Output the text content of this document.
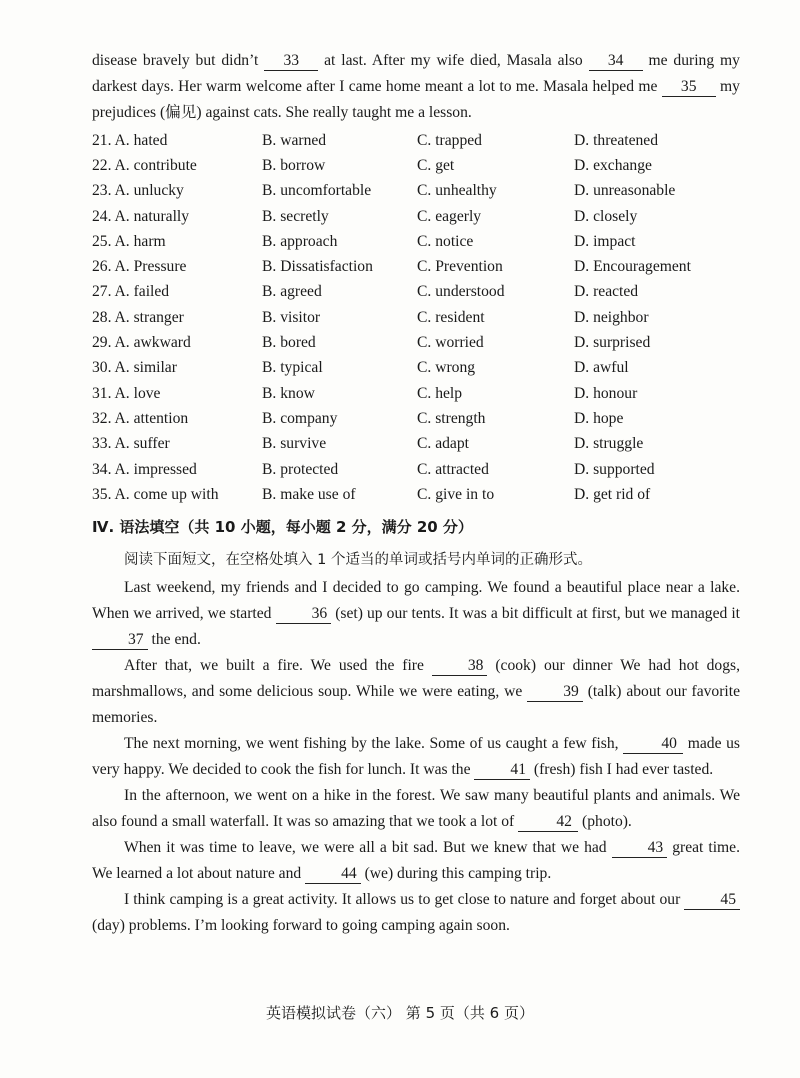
disease bravely but didn’t 33 at last. After my wife died, Masala also 34 me during my darkest days. Her warm welcome after I came home meant a lot to me. Masala helped me 35 my prejudices (偏见) against cats. She really taught me a lesson.

21. A. hated	B. warned	C. trapped	D. threatened
22. A. contribute	B. borrow	C. get	D. exchange
23. A. unlucky	B. uncomfortable	C. unhealthy	D. unreasonable
24. A. naturally	B. secretly	C. eagerly	D. closely
25. A. harm	B. approach	C. notice	D. impact
26. A. Pressure	B. Dissatisfaction	C. Prevention	D. Encouragement
27. A. failed	B. agreed	C. understood	D. reacted
28. A. stranger	B. visitor	C. resident	D. neighbor
29. A. awkward	B. bored	C. worried	D. surprised
30. A. similar	B. typical	C. wrong	D. awful
31. A. love	B. know	C. help	D. honour
32. A. attention	B. company	C. strength	D. hope
33. A. suffer	B. survive	C. adapt	D. struggle
34. A. impressed	B. protected	C. attracted	D. supported
35. A. come up with	B. make use of	C. give in to	D. get rid of
Ⅳ. 语法填空（共 10 小题，每小题 2 分，满分 20 分）
阅读下面短文，在空格处填入 1 个适当的单词或括号内单词的正确形式。

Last weekend, my friends and I decided to go camping. We found a beautiful place near a lake. When we arrived, we started	36 (set) up our tents. It was a bit difficult at first, but we managed it 37 the end.

After that, we built a fire. We used the fire	38 (cook) our dinner We had hot dogs, marshmallows, and some delicious soup. While we were eating, we	39 (talk) about our favorite memories.

The next morning, we went fishing by the lake. Some of us caught a few fish,	40 made us very happy. We decided to cook the fish for lunch. It was the	41 (fresh) fish I had ever tasted.

In the afternoon, we went on a hike in the forest. We saw many beautiful plants and animals. We also found a small waterfall. It was so amazing that we took a lot of	42 (photo).

When it was time to leave, we were all a bit sad. But we knew that we had	43 great time. We learned a lot about nature and	44 (we) during this camping trip.

I think camping is a great activity. It allows us to get close to nature and forget about our	45 (day) problems. I’m looking forward to going camping again soon.

英语模拟试卷（六） 第 5 页（共 6 页）
